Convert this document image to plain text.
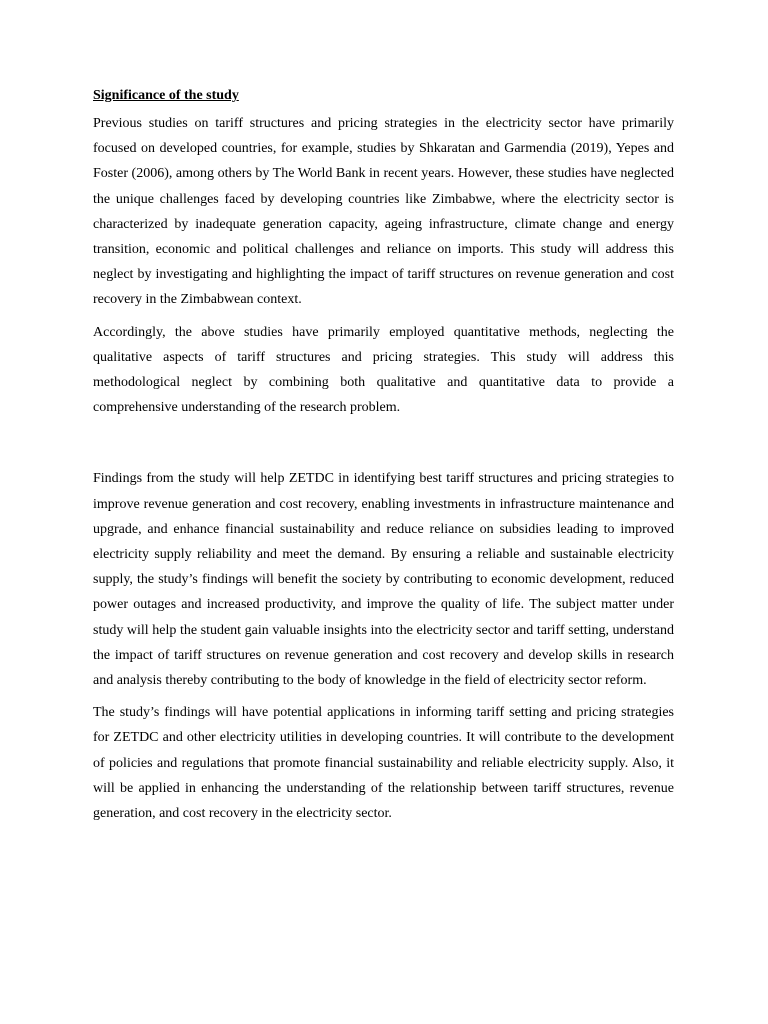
Significance of the study

Previous studies on tariff structures and pricing strategies in the electricity sector have primarily focused on developed countries, for example, studies by Shkaratan and Garmendia (2019), Yepes and Foster (2006), among others by The World Bank in recent years. However, these studies have neglected the unique challenges faced by developing countries like Zimbabwe, where the electricity sector is characterized by inadequate generation capacity, ageing infrastructure, climate change and energy transition, economic and political challenges and reliance on imports. This study will address this neglect by investigating and highlighting the impact of tariff structures on revenue generation and cost recovery in the Zimbabwean context.

Accordingly, the above studies have primarily employed quantitative methods, neglecting the qualitative aspects of tariff structures and pricing strategies. This study will address this methodological neglect by combining both qualitative and quantitative data to provide a comprehensive understanding of the research problem.

Findings from the study will help ZETDC in identifying best tariff structures and pricing strategies to improve revenue generation and cost recovery, enabling investments in infrastructure maintenance and upgrade, and enhance financial sustainability and reduce reliance on subsidies leading to improved electricity supply reliability and meet the demand. By ensuring a reliable and sustainable electricity supply, the study’s findings will benefit the society by contributing to economic development, reduced power outages and increased productivity, and improve the quality of life. The subject matter under study will help the student gain valuable insights into the electricity sector and tariff setting, understand the impact of tariff structures on revenue generation and cost recovery and develop skills in research and analysis thereby contributing to the body of knowledge in the field of electricity sector reform.

The study’s findings will have potential applications in informing tariff setting and pricing strategies for ZETDC and other electricity utilities in developing countries. It will contribute to the development of policies and regulations that promote financial sustainability and reliable electricity supply. Also, it will be applied in enhancing the understanding of the relationship between tariff structures, revenue generation, and cost recovery in the electricity sector.
